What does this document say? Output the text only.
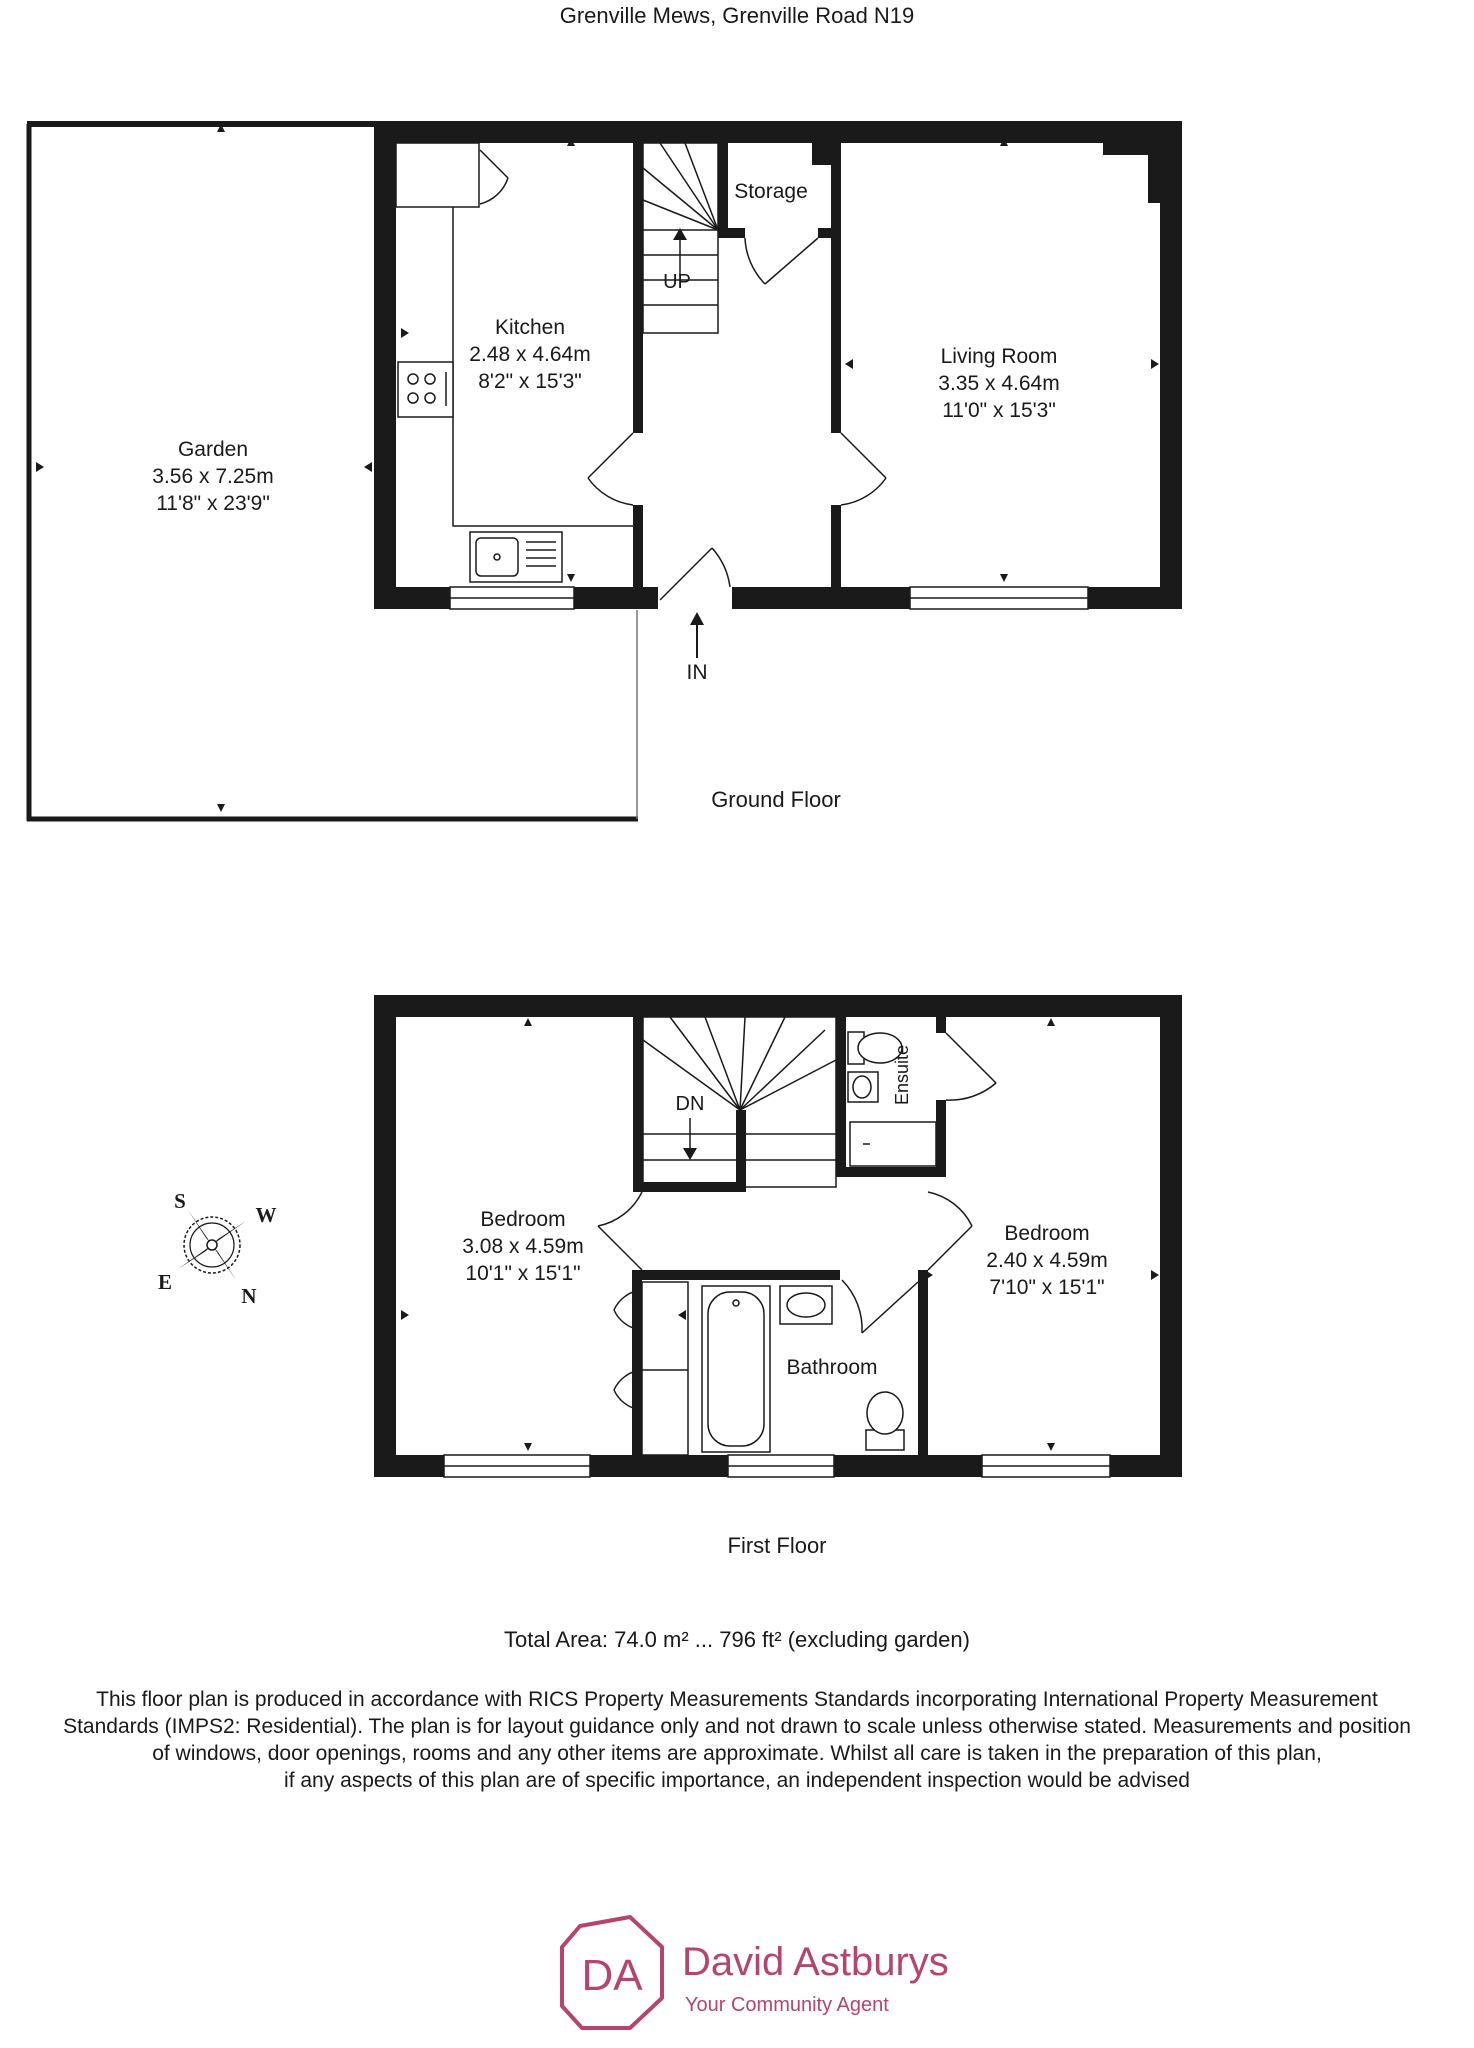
Grenville Mews, Grenville Road N19
Garden
3.56 x 7.25m
11'8" x 23'9"
Kitchen
2.48 x 4.64m
8'2" x 15'3"
Storage
Living Room
3.35 x 4.64m
11'0" x 15'3"
UP
IN
Ground Floor
Bedroom
3.08 x 4.59m
10'1" x 15'1"
Bedroom
2.40 x 4.59m
7'10" x 15'1"
Bathroom
Ensuite
DN
First Floor
S
W
E
N
DA David Astburys
Your Community Agent
Total Area: 74.0 m² ... 796 ft² (excluding garden)
This floor plan is produced in accordance with RICS Property Measurements Standards incorporating International Property Measurement
Standards (IMPS2: Residential). The plan is for layout guidance only and not drawn to scale unless otherwise stated. Measurements and position
of windows, door openings, rooms and any other items are approximate. Whilst all care is taken in the preparation of this plan,
if any aspects of this plan are of specific importance, an independent inspection would be advised
